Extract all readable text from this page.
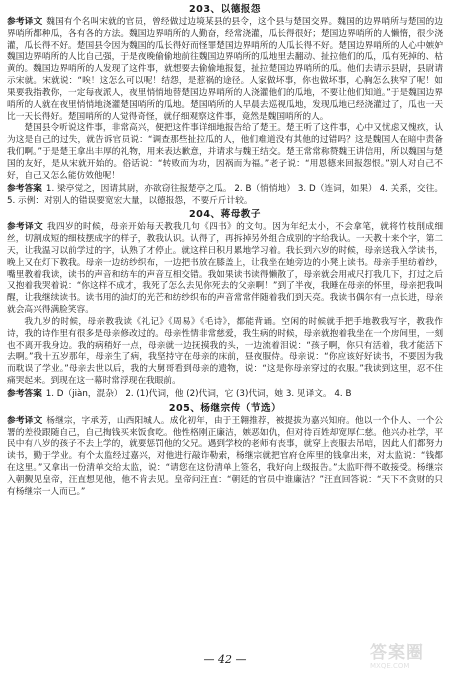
203、以德报怨

参考译文 魏国有个名叫宋就的官员，曾经做过边境某县的县令，这个县与楚国交界。魏国的边界哨所与楚国的边界哨所都种瓜，各有各的方法。魏国边界哨所的人勤奋，经常浇灌，瓜长得很好；楚国边界哨所的人懒惰，很少浇灌，瓜长得不好。楚国县令因为魏国的瓜长得好而怪罪楚国边界哨所的人瓜长得不好。楚国边界哨所的人心中嫉妒魏国边界哨所的人比自己强，于是夜晚偷偷地前往魏国边界哨所的瓜地里去翻动、扯拉他们的瓜，瓜有死掉的、枯黄的。魏国边界哨所的人发现了这件事，就想要去偷偷地报复，扯拉楚国边界哨所的瓜。他们去请示县尉，县尉请示宋就。宋就说：“唉！这怎么可以呢！结怨，是惹祸的途径。人家做坏事，你也做坏事，心胸怎么狭窄了呢！如果要我指教你，一定每夜派人，夜里悄悄地替楚国边界哨所的人浇灌他们的瓜地，不要让他们知道。”于是魏国边界哨所的人就在夜里悄悄地浇灌楚国哨所的瓜地。楚国哨所的人早晨去巡视瓜地，发现瓜地已经浇灌过了，瓜也一天比一天长得好。楚国哨所的人觉得奇怪，就仔细观察这件事，竟然是魏国哨所的人。

楚国县令听说这件事，非常高兴，便把这件事详细地报告给了楚王。楚王听了这件事，心中又忧虑又愧疚，认为这是自己的过失，就告诉官员说：“调查那些扯拉瓜的人，他们难道没有其他的过错吗？这是魏国人在暗中责备我们啊。”于是楚王拿出丰厚的礼物，用来表达歉意，并请求与魏王结交。楚王常常称赞魏王讲信用，所以魏国与楚国的友好，是从宋就开始的。俗话说：“转败而为功，因祸而为福。”老子说：“用恩德来回报怨恨。”别人对自己不好，自己又怎么能仿效他呢！

参考答案 1. 梁亭觉之，因请其尉，亦欲窃往报楚亭之瓜。 2. B（悄悄地） 3. D（连词，如果） 4. 关系，交往。 5. 示例：对别人的错误要宽宏大量，以德报怨，不要斤斤计较。

204、蒋母教子

参考译文 我四岁的时候，母亲开始每天教我几句《四书》的文句。因为年纪太小，不会拿笔，就将竹枝削成细丝，切割成短的细枝摆成字的样子，教我认识。认得了，再拆掉另外组合成别的字给我认。一天教十来个字，第二天，让我温习以前学过的字，认熟了才停止。就这样日积月累地学习着。我长到六岁的时候，母亲送我入学读书，晚上又在灯下教我。母亲一边纺纱织布，一边把书放在膝盖上，让我坐在她旁边的小凳上读书。母亲手里纺着纱，嘴里教着我读，读书的声音和纺车的声音互相交错。我如果读书读得懒散了，母亲就会用戒尺打我几下，打过之后又抱着我哭着说：“你这样不成才，我死了怎么去见你死去的父亲啊！”到了半夜，我睡在母亲的怀里，母亲把我叫醒，让我继续读书。读书用的油灯的光芒和纺纱织布的声音常常伴随着我们到天亮。我读书偶尔有一点长进，母亲就会高兴得满脸笑容。

我九岁的时候，母亲教我读《礼记》《周易》《毛诗》，都能背诵。空闲的时候就手把手地教我写字，教我作诗，我的诗作里有很多是母亲修改过的。母亲性情非常慈爱，我生病的时候，母亲就抱着我坐在一个房间里，一刻也不离开我身边。我的病稍好一点，母亲就一边抚摸我的头，一边流着泪说：“孩子啊，你只有活着，我才能活下去啊。”我十五岁那年，母亲生了病，我坚持守在母亲的床前，昼夜服侍。母亲说：“你应该好好读书，不要因为我而耽误了学业。”母亲去世以后，我的大舅哥看到母亲的遗物，说：“这是你母亲穿过的衣服。”我读到这里，忍不住痛哭起来。到现在这一幕时常浮现在我眼前。

参考答案 1. D（jiàn，混杂） 2. (1)代词，他 (2)代词，它 (3)代词，她 3. 见译文。 4. B

205、杨继宗传（节选）

参考译文 杨继宗，字承芳，山西阳城人。成化初年，由于王翱推荐，被提拔为嘉兴知府。他以一个仆人、一个公署的差役跟随自己，自己掏钱买来饭食吃。他性格刚正廉洁，嫉恶如仇，但对待百姓却宽厚仁慈。他兴办社学，平民中有八岁的孩子不去上学的，就要惩罚他的父兄。遇到学校的老师有丧事，就穿上丧服去吊唁，因此人们都努力读书，勤于学业。有个太监经过嘉兴，对他进行敲诈勒索，杨继宗就把官府仓库里的钱拿出来，对太监说：“钱都在这里。”又拿出一份清单交给太监，说：“请您在这份清单上签名，我好向上级报告。”太监吓得不敢接受。杨继宗入朝觐见皇帝，汪直想见他，他不肯去见。皇帝问汪直：“朝廷的官员中谁廉洁？”汪直回答说：“天下不贪财的只有杨继宗一人而已。”

— 42 —	答案圈
MXQE.COM
